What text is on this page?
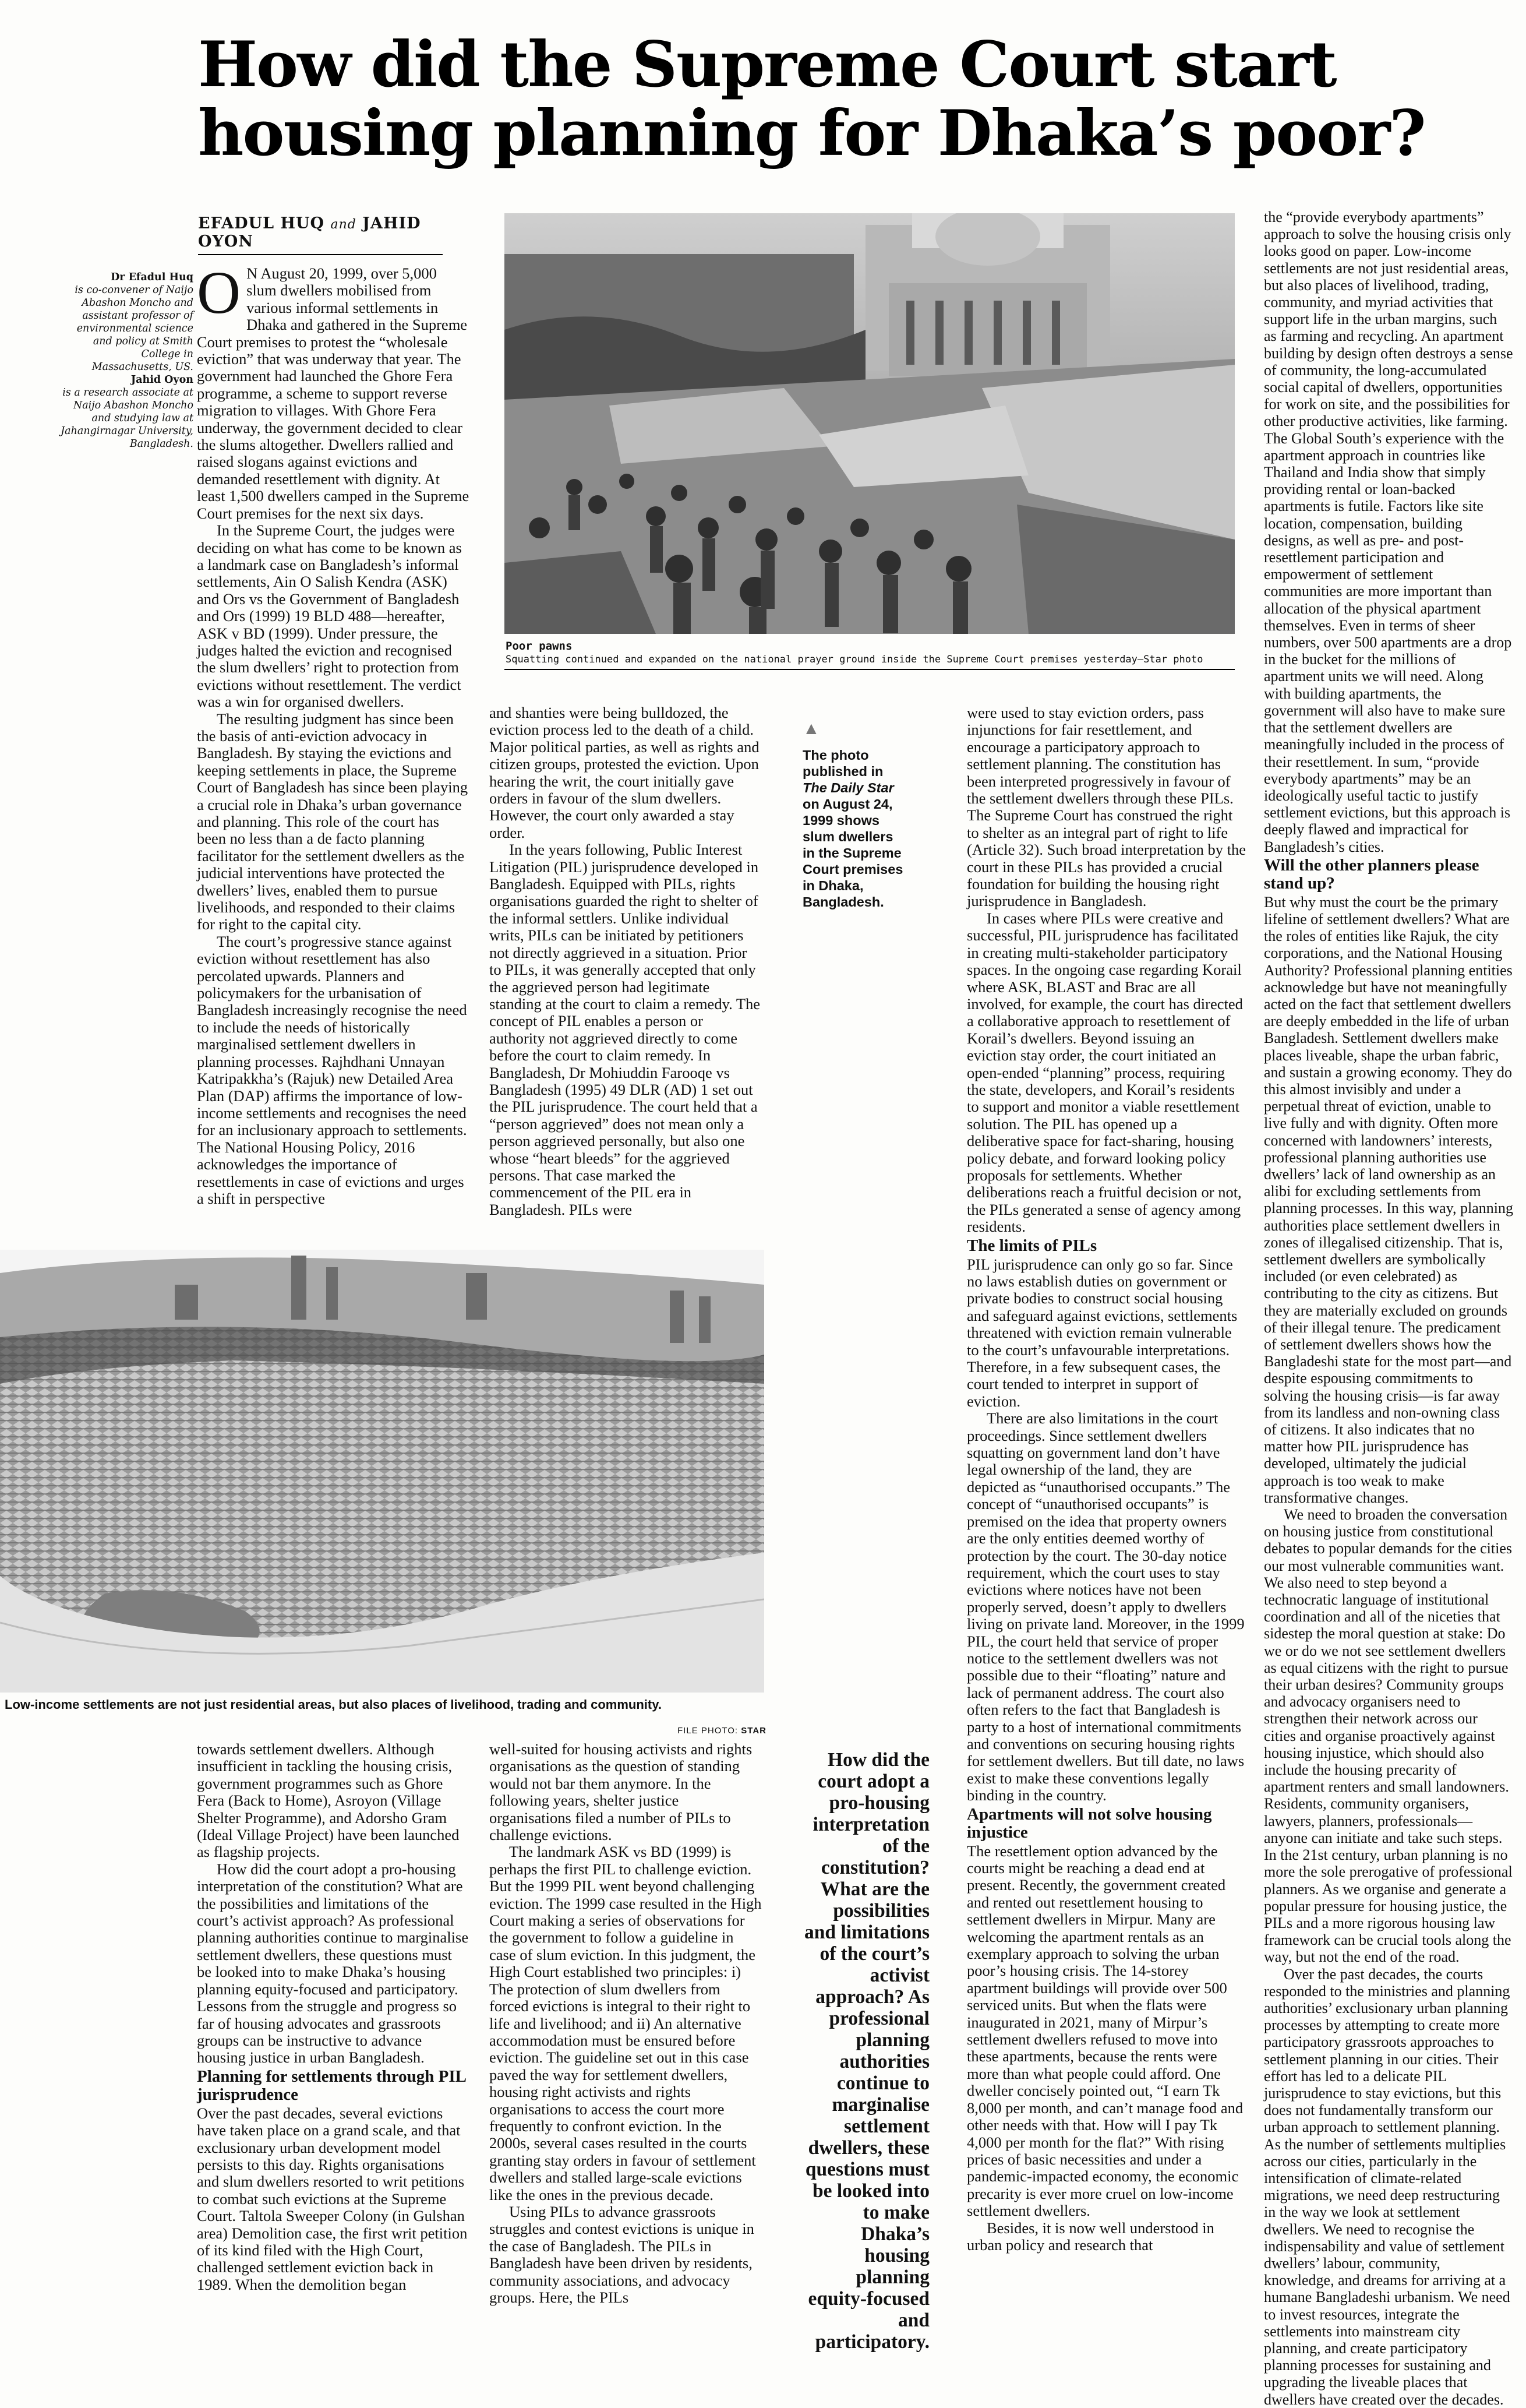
How did the Supreme Court start housing planning for Dhaka’s poor?
EFADUL HUQ and JAHID OYON
Dr Efadul Huq
is co-convener of Naijo Abashon Moncho and assistant professor of environmental science and policy at Smith College in Massachusetts, US.
Jahid Oyon
is a research associate at Naijo Abashon Moncho and studying law at Jahangirnagar University, Bangladesh.

O N August 20, 1999, over 5,000 slum dwellers mobilised from various informal settlements in Dhaka and gathered in the Supreme Court premises to protest the “wholesale eviction” that was underway that year. The government had launched the Ghore Fera programme, a scheme to support reverse migration to villages. With Ghore Fera underway, the government decided to clear the slums altogether. Dwellers rallied and raised slogans against evictions and demanded resettlement with dignity. At least 1,500 dwellers camped in the Supreme Court premises for the next six days.

In the Supreme Court, the judges were deciding on what has come to be known as a landmark case on Bangladesh’s informal settlements, Ain O Salish Kendra (ASK) and Ors vs the Government of Bangladesh and Ors (1999) 19 BLD 488—hereafter, ASK v BD (1999). Under pressure, the judges halted the eviction and recognised the slum dwellers’ right to protection from evictions without resettlement. The verdict was a win for organised dwellers.

The resulting judgment has since been the basis of anti-eviction advocacy in Bangladesh. By staying the evictions and keeping settlements in place, the Supreme Court of Bangladesh has since been playing a crucial role in Dhaka’s urban governance and planning. This role of the court has been no less than a de facto planning facilitator for the settlement dwellers as the judicial interventions have protected the dwellers’ lives, enabled them to pursue livelihoods, and responded to their claims for right to the capital city.

The court’s progressive stance against eviction without resettlement has also percolated upwards. Planners and policymakers for the urbanisation of Bangladesh increasingly recognise the need to include the needs of historically marginalised settlement dwellers in planning processes. Rajhdhani Unnayan Katripakkha’s (Rajuk) new Detailed Area Plan (DAP) affirms the importance of low-income settlements and recognises the need for an inclusionary approach to settlements. The National Housing Policy, 2016 acknowledges the importance of resettlements in case of evictions and urges a shift in perspective

Poor pawns
Squatting continued and expanded on the national prayer ground inside the Supreme Court premises yesterday—Star photo

and shanties were being bulldozed, the eviction process led to the death of a child. Major political parties, as well as rights and citizen groups, protested the eviction. Upon hearing the writ, the court initially gave orders in favour of the slum dwellers. However, the court only awarded a stay order.

In the years following, Public Interest Litigation (PIL) jurisprudence developed in Bangladesh. Equipped with PILs, rights organisations guarded the right to shelter of the informal settlers. Unlike individual writs, PILs can be initiated by petitioners not directly aggrieved in a situation. Prior to PILs, it was generally accepted that only the aggrieved person had legitimate standing at the court to claim a remedy. The concept of PIL enables a person or authority not aggrieved directly to come before the court to claim remedy. In Bangladesh, Dr Mohiuddin Farooqe vs Bangladesh (1995) 49 DLR (AD) 1 set out the PIL jurisprudence. The court held that a “person aggrieved” does not mean only a person aggrieved personally, but also one whose “heart bleeds” for the aggrieved persons. That case marked the commencement of the PIL era in Bangladesh. PILs were

▲
The photo published in The Daily Star on August 24, 1999 shows slum dwellers in the Supreme Court premises in Dhaka, Bangladesh.

were used to stay eviction orders, pass injunctions for fair resettlement, and encourage a participatory approach to settlement planning. The constitution has been interpreted progressively in favour of the settlement dwellers through these PILs. The Supreme Court has construed the right to shelter as an integral part of right to life (Article 32). Such broad interpretation by the court in these PILs has provided a crucial foundation for building the housing right jurisprudence in Bangladesh.

In cases where PILs were creative and successful, PIL jurisprudence has facilitated in creating multi-stakeholder participatory spaces. In the ongoing case regarding Korail where ASK, BLAST and Brac are all involved, for example, the court has directed a collaborative approach to resettlement of Korail’s dwellers. Beyond issuing an eviction stay order, the court initiated an open-ended “planning” process, requiring the state, developers, and Korail’s residents to support and monitor a viable resettlement solution. The PIL has opened up a deliberative space for fact-sharing, housing policy debate, and forward looking policy proposals for settlements. Whether deliberations reach a fruitful decision or not, the PILs generated a sense of agency among residents.

The limits of PILs

PIL jurisprudence can only go so far. Since no laws establish duties on government or private bodies to construct social housing and safeguard against evictions, settlements threatened with eviction remain vulnerable to the court’s unfavourable interpretations. Therefore, in a few subsequent cases, the court tended to interpret in support of eviction.

There are also limitations in the court proceedings. Since settlement dwellers squatting on government land don’t have legal ownership of the land, they are depicted as “unauthorised occupants.” The concept of “unauthorised occupants” is premised on the idea that property owners are the only entities deemed worthy of protection by the court. The 30-day notice requirement, which the court uses to stay evictions where notices have not been properly served, doesn’t apply to dwellers living on private land. Moreover, in the 1999 PIL, the court held that service of proper notice to the settlement dwellers was not possible due to their “floating” nature and lack of permanent address. The court also often refers to the fact that Bangladesh is party to a host of international commitments and conventions on securing housing rights for settlement dwellers. But till date, no laws exist to make these conventions legally binding in the country.

Apartments will not solve housing injustice

The resettlement option advanced by the courts might be reaching a dead end at present. Recently, the government created and rented out resettlement housing to settlement dwellers in Mirpur. Many are welcoming the apartment rentals as an exemplary approach to solving the urban poor’s housing crisis. The 14-storey apartment buildings will provide over 500 serviced units. But when the flats were inaugurated in 2021, many of Mirpur’s settlement dwellers refused to move into these apartments, because the rents were more than what people could afford. One dweller concisely pointed out, “I earn Tk 8,000 per month, and can’t manage food and other needs with that. How will I pay Tk 4,000 per month for the flat?” With rising prices of basic necessities and under a pandemic-impacted economy, the economic precarity is ever more cruel on low-income settlement dwellers.

Besides, it is now well understood in urban policy and research that

the “provide everybody apartments” approach to solve the housing crisis only looks good on paper. Low-income settlements are not just residential areas, but also places of livelihood, trading, community, and myriad activities that support life in the urban margins, such as farming and recycling. An apartment building by design often destroys a sense of community, the long-accumulated social capital of dwellers, opportunities for work on site, and the possibilities for other productive activities, like farming. The Global South’s experience with the apartment approach in countries like Thailand and India show that simply providing rental or loan-backed apartments is futile. Factors like site location, compensation, building designs, as well as pre- and post-resettlement participation and empowerment of settlement communities are more important than allocation of the physical apartment themselves. Even in terms of sheer numbers, over 500 apartments are a drop in the bucket for the millions of apartment units we will need. Along with building apartments, the government will also have to make sure that the settlement dwellers are meaningfully included in the process of their resettlement. In sum, “provide everybody apartments” may be an ideologically useful tactic to justify settlement evictions, but this approach is deeply flawed and impractical for Bangladesh’s cities.

Will the other planners please stand up?

But why must the court be the primary lifeline of settlement dwellers? What are the roles of entities like Rajuk, the city corporations, and the National Housing Authority? Professional planning entities acknowledge but have not meaningfully acted on the fact that settlement dwellers are deeply embedded in the life of urban Bangladesh. Settlement dwellers make places liveable, shape the urban fabric, and sustain a growing economy. They do this almost invisibly and under a perpetual threat of eviction, unable to live fully and with dignity. Often more concerned with landowners’ interests, professional planning authorities use dwellers’ lack of land ownership as an alibi for excluding settlements from planning processes. In this way, planning authorities place settlement dwellers in zones of illegalised citizenship. That is, settlement dwellers are symbolically included (or even celebrated) as contributing to the city as citizens. But they are materially excluded on grounds of their illegal tenure. The predicament of settlement dwellers shows how the Bangladeshi state for the most part—and despite espousing commitments to solving the housing crisis—is far away from its landless and non-owning class of citizens. It also indicates that no matter how PIL jurisprudence has developed, ultimately the judicial approach is too weak to make transformative changes.

We need to broaden the conversation on housing justice from constitutional debates to popular demands for the cities our most vulnerable communities want. We also need to step beyond a technocratic language of institutional coordination and all of the niceties that sidestep the moral question at stake: Do we or do we not see settlement dwellers as equal citizens with the right to pursue their urban desires? Community groups and advocacy organisers need to strengthen their network across our cities and organise proactively against housing injustice, which should also include the housing precarity of apartment renters and small landowners. Residents, community organisers, lawyers, planners, professionals—anyone can initiate and take such steps. In the 21st century, urban planning is no more the sole prerogative of professional planners. As we organise and generate a popular pressure for housing justice, the PILs and a more rigorous housing law framework can be crucial tools along the way, but not the end of the road.

Over the past decades, the courts responded to the ministries and planning authorities’ exclusionary urban planning processes by attempting to create more participatory grassroots approaches to settlement planning in our cities. Their effort has led to a delicate PIL jurisprudence to stay evictions, but this does not fundamentally transform our urban approach to settlement planning. As the number of settlements multiplies across our cities, particularly in the intensification of climate-related migrations, we need deep restructuring in the way we look at settlement dwellers. We need to recognise the indispensability and value of settlement dwellers’ labour, community, knowledge, and dreams for arriving at a humane Bangladeshi urbanism. We need to invest resources, integrate the settlements into mainstream city planning, and create participatory planning processes for sustaining and upgrading the liveable places that dwellers have created over the decades.

Low-income settlements are not just residential areas, but also places of livelihood, trading and community.
FILE PHOTO: STAR

towards settlement dwellers. Although insufficient in tackling the housing crisis, government programmes such as Ghore Fera (Back to Home), Asroyon (Village Shelter Programme), and Adorsho Gram (Ideal Village Project) have been launched as flagship projects.

How did the court adopt a pro-housing interpretation of the constitution? What are the possibilities and limitations of the court’s activist approach? As professional planning authorities continue to marginalise settlement dwellers, these questions must be looked into to make Dhaka’s housing planning equity-focused and participatory. Lessons from the struggle and progress so far of housing advocates and grassroots groups can be instructive to advance housing justice in urban Bangladesh.

Planning for settlements through PIL jurisprudence

Over the past decades, several evictions have taken place on a grand scale, and that exclusionary urban development model persists to this day. Rights organisations and slum dwellers resorted to writ petitions to combat such evictions at the Supreme Court. Taltola Sweeper Colony (in Gulshan area) Demolition case, the first writ petition of its kind filed with the High Court, challenged settlement eviction back in 1989. When the demolition began

well-suited for housing activists and rights organisations as the question of standing would not bar them anymore. In the following years, shelter justice organisations filed a number of PILs to challenge evictions.

The landmark ASK vs BD (1999) is perhaps the first PIL to challenge eviction. But the 1999 PIL went beyond challenging eviction. The 1999 case resulted in the High Court making a series of observations for the government to follow a guideline in case of slum eviction. In this judgment, the High Court established two principles: i) The protection of slum dwellers from forced evictions is integral to their right to life and livelihood; and ii) An alternative accommodation must be ensured before eviction. The guideline set out in this case paved the way for settlement dwellers, housing right activists and rights organisations to access the court more frequently to confront eviction. In the 2000s, several cases resulted in the courts granting stay orders in favour of settlement dwellers and stalled large-scale evictions like the ones in the previous decade.

Using PILs to advance grassroots struggles and contest evictions is unique in the case of Bangladesh. The PILs in Bangladesh have been driven by residents, community associations, and advocacy groups. Here, the PILs

How did the court adopt a pro-housing interpretation of the constitution? What are the possibilities and limitations of the court’s activist approach? As professional planning authorities continue to marginalise settlement dwellers, these questions must be looked into to make Dhaka’s housing planning equity-focused and participatory.
